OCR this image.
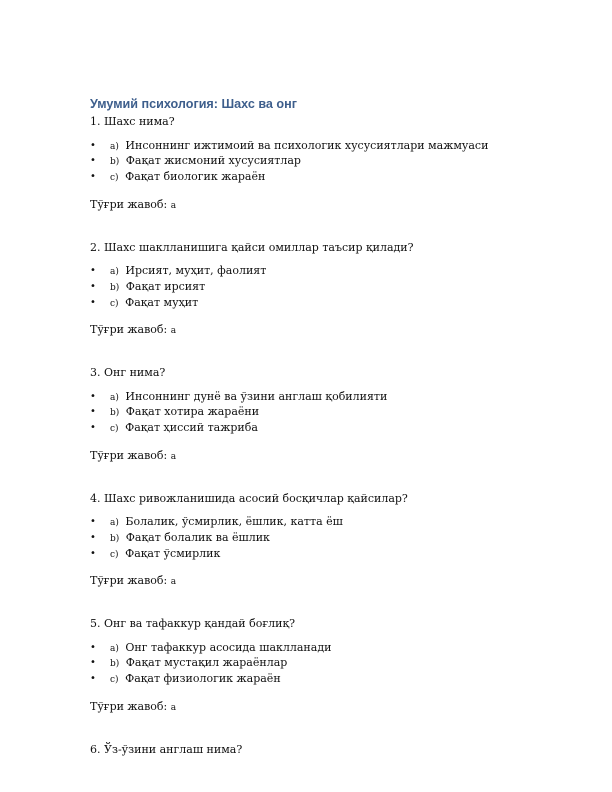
Умумий психология: Шахс ва онг

1. Шахс нима?

• a) Инсоннинг ижтимоий ва психологик хусусиятлари мажмуаси
• b) Фақат жисмоний хусусиятлар
• c) Фақат биологик жараён

Тўғри жавоб: a

2. Шахс шаклланишига қайси омиллар таъсир қилади?

• a) Ирсият, муҳит, фаолият
• b) Фақат ирсият
• c) Фақат муҳит

Тўғри жавоб: a

3. Онг нима?

• a) Инсоннинг дунё ва ўзини англаш қобилияти
• b) Фақат хотира жараёни
• c) Фақат ҳиссий тажриба

Тўғри жавоб: a

4. Шахс ривожланишида асосий босқичлар қайсилар?

• a) Болалик, ўсмирлик, ёшлик, катта ёш
• b) Фақат болалик ва ёшлик
• c) Фақат ўсмирлик

Тўғри жавоб: a

5. Онг ва тафаккур қандай боғлиқ?

• a) Онг тафаккур асосида шаклланади
• b) Фақат мустақил жараёнлар
• c) Фақат физиологик жараён

Тўғри жавоб: a

6. Ўз-ўзини англаш нима?
